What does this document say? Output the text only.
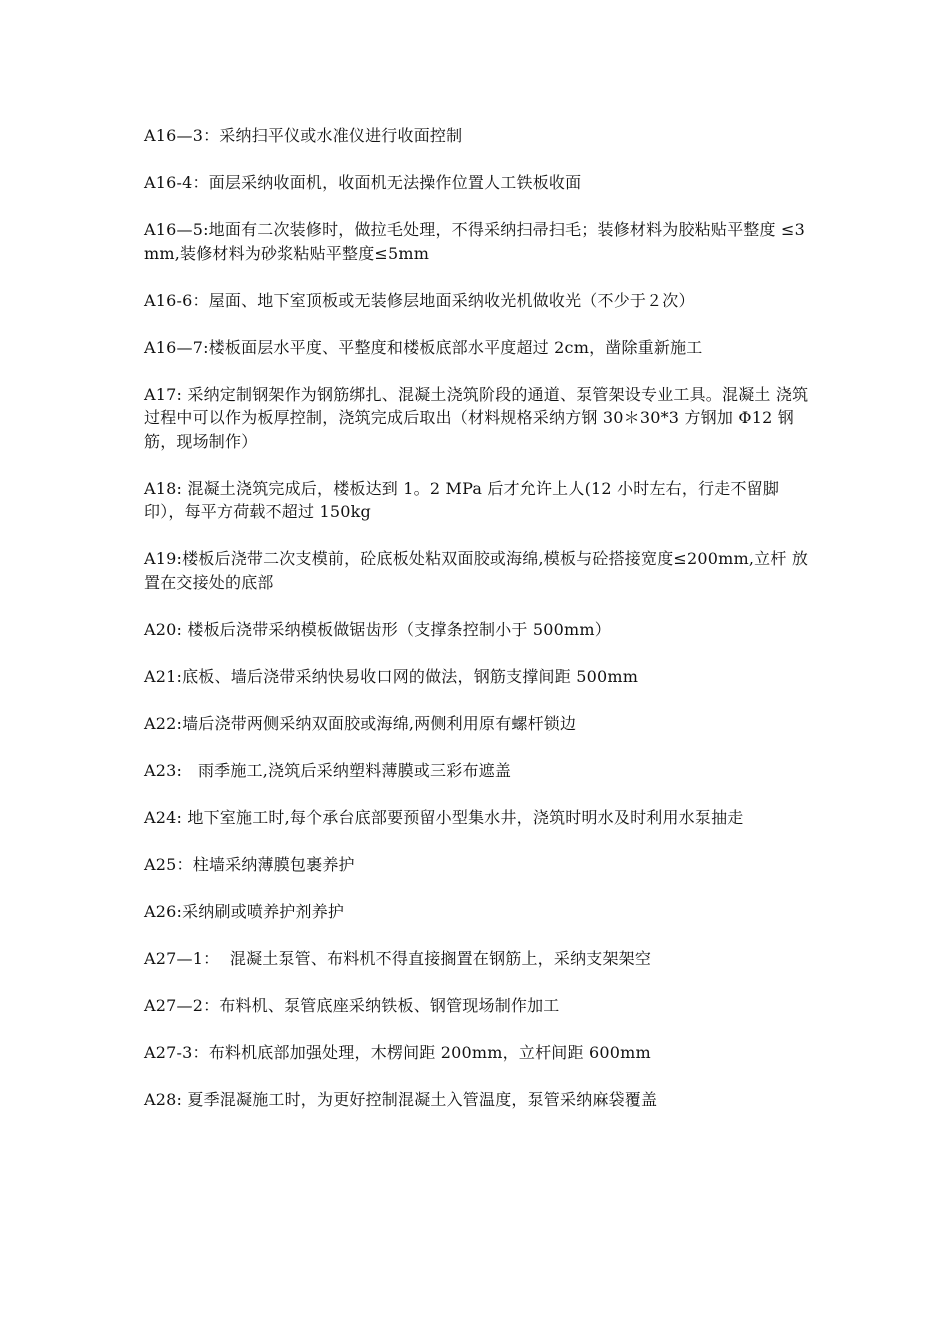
A16—3：采纳扫平仪或水准仪进行收面控制

A16-4：面层采纳收面机，收面机无法操作位置人工铁板收面

A16—5:地面有二次装修时，做拉毛处理，不得采纳扫帚扫毛；装修材料为胶粘贴平整度 ≤3mm,装修材料为砂浆粘贴平整度≤5mm

A16-6：屋面、地下室顶板或无装修层地面采纳收光机做收光（不少于２次）

A16—7:楼板面层水平度、平整度和楼板底部水平度超过 2cm，凿除重新施工

A17: 采纳定制钢架作为钢筋绑扎、混凝土浇筑阶段的通道、泵管架设专业工具。混凝土 浇筑过程中可以作为板厚控制，浇筑完成后取出（材料规格采纳方钢 30＊30*3 方钢加 Φ12 钢筋，现场制作）

A18: 混凝土浇筑完成后，楼板达到 1。2 MPa 后才允许上人(12 小时左右，行走不留脚 印），每平方荷载不超过 150kg

A19:楼板后浇带二次支模前，砼底板处粘双面胶或海绵,模板与砼搭接宽度≤200mm,立杆 放置在交接处的底部

A20: 楼板后浇带采纳模板做锯齿形（支撑条控制小于 500mm）

A21:底板、墙后浇带采纳快易收口网的做法，钢筋支撑间距 500mm

A22:墙后浇带两侧采纳双面胶或海绵,两侧利用原有螺杆锁边

A23:   雨季施工,浇筑后采纳塑料薄膜或三彩布遮盖

A24: 地下室施工时,每个承台底部要预留小型集水井，浇筑时明水及时利用水泵抽走

A25：柱墙采纳薄膜包裹养护

A26:采纳刷或喷养护剂养护

A27—1：  混凝土泵管、布料机不得直接搁置在钢筋上，采纳支架架空

A27—2：布料机、泵管底座采纳铁板、钢管现场制作加工

A27-3：布料机底部加强处理，木楞间距 200mm，立杆间距 600mm

A28: 夏季混凝施工时，为更好控制混凝土入管温度，泵管采纳麻袋覆盖
